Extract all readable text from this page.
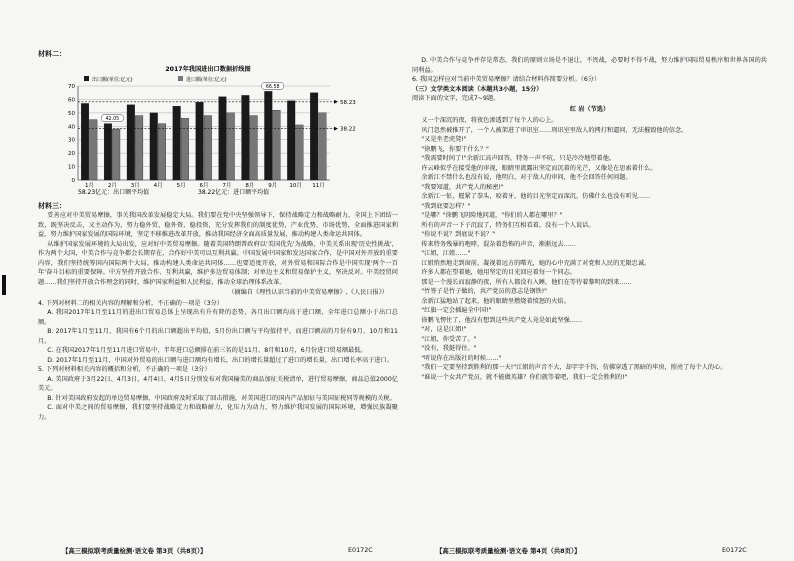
材料二：
2017年我国进出口数据折线图
出口额(单位:亿元)	进口额(单位:亿元)
0
10
20
30
40
50
60
70
1月
42.05
2月	3月	4月	5月	6月	7月	8月
66.58
9月 10月 11月
58.23
38.22
58.23亿元：出口额平均值	38.22亿元：进口额平均值
材料三：

妥善应对中美贸易摩擦，事关我国改革发展稳定大局。我们要在党中央坚强领导下，保持战略定力和战略耐力，全国上下团结一致，既坚决反击，又主动作为，努力稳外贸、稳外资、稳投资，充分发挥我们的制度优势，产业优势，市场优势，全面推进国家利益，努力维护国家发展的国际环境，坚定不移推进改革开放，推动我国经济全面高质量发展，推动构建人类命运共同体。

从维护国家发展环境的大局出发，应对好中美贸易摩擦。随着美国特朗普政府以'美国优先'为战略，中美关系出现'历史性挑战'，作为两个大国，中美合作与竞争都会长期存在，合作好中美可以互利共赢。中国发展中国家和发达国家合作，是中国对外开放的重要内容，我们坚持统筹国内国际两个大局，推动构建人类命运共同体……也要适度开放，对外贸易和国际合作是中国实现'两个一百年'奋斗目标的重要保障。中方坚持开放合作、互利共赢，维护多边贸易体制；对单边主义和贸易保护主义，坚决反对。中美经贸问题……我们坚持开放合作理念的同时，维护国家利益和人民利益，推动全球治理体系改革。

（摘编自《理性认识当前的中美贸易摩擦》,《人民日报》）

4. 下列对材料二的相关内容的理解和分析，不正确的一项是（3分）

A. 我国2017年1月至11月的进出口贸易总体上呈现出有升有降的态势，各月出口额均高于进口额，全年进口总额小于出口总额。

B. 2017年1月至11月，我国有6个月的出口额超出平均值，5月份出口额与平均值持平，而进口额高的月份有9月、10月和11月。

C. 在我国2017年1月至11月进口贸易中，半年进口总额排在前三名的是11月、8月和10月，6月份进口贸易额最低。

D. 2017年1月至11月，中国对外贸易的出口额与进口额均有增长，出口的增长量超过了进口的增长量，出口增长率高于进口。

5. 下列对材料相关内容的概括和分析，不正确的一项是（3分）

A. 美国政府于3月22日、4月3日、4月4日、4月5日分别发布对我国输美的商品加征关税清单，进行贸易摩擦，商品总值2000亿美元。

B. 针对美国政府发起的单边贸易摩擦，中国政府及时采取了回击措施，对美国进口的国内产品加征与美国征税同等规模的关税。

C. 面对中美之间的贸易摩擦，我们要坚持战略定力和战略耐力，化压力为动力，努力维护我国发展的国际环境，增强民族凝聚力。

【高三模拟联考质量检测·语文卷 第3页（共8页）】	E0172C

D. 中美合作与竞争并存是常态，我们的原则立场是不退让，不畏战，必要时不得不战，努力维护国际贸易秩序和世界各国的共同利益。

6. 我国怎样应对当前中美贸易摩擦？请结合材料作简要分析。（6分）

（三）文学类文本阅读（本题共3小题，15分）

阅读下面的文字，完成7~9题。

红 岩（节选）

又一个深沉的夜，将夜色渗透到了每个人的心上。

风门忽然被推开了，一个人被架进了审讯室……刑讯室里敌人的拷打和逼问，无法摧毁他的信念。

"又是坐老虎凳!"

"徐鹏飞，你要干什么？"

"我需要时间了!"余新江高声回答，特务一声不吭，只是冷冷地望着他。

许云峰似乎在接受他的审视，眼睛里流露出坚定而沉着的光芒，又像是在思索着什么。

余新江不禁什么也没有说，他明白，对于敌人的审问，他不会回答任何问题。

"我要知道，共产党人的秘密!"

余新江一怔，握紧了拳头，咬着牙，他的目光坚定而深沉，仿佛什么也没有听见……

"我到底要怎样？"

"是哪？"徐鹏飞阴险地问道，"你们的人都在哪里？"

所有的声音一下子沉寂了，特务们互相看着，没有一个人说话。

"你说不说？到底说不说？"

传来特务残暴的咆哮，混杂着恐怖的声音，渐渐远去……

"江姐，江姐……"

江姐悄然地走到窗前，凝视着远方的曙光，她的心中充满了对党和人民的无限忠诚。

许多人都在望着她，她用坚定的目光回应着每一个同志。

那是一个漫长而寂静的夜，所有人都没有入睡，他们在等待着黎明的到来……

"竹签子是竹子做的，共产党员的意志是钢铁!"

余新江猛地站了起来，他的眼睛里燃烧着愤怒的火焰。

"红旗一定会插遍全中国!"

徐鹏飞愣住了，他没有想到这些共产党人竟是如此坚强……

"对，这是江姐!"

"江姐，你受苦了。"

"没有，我挺得住。"

"听说你在出版社的时候……"

"我们一定要坚持到胜利的那一天!"江姐的声音不大，却字字千钧，仿佛穿透了黑暗的牢房，照亮了每个人的心。

"谁说一个女共产党员，就不能做英雄？你们就等着吧，我们一定会胜利的!"

【高三模拟联考质量检测·语文卷 第4页（共8页）】	E0172C
